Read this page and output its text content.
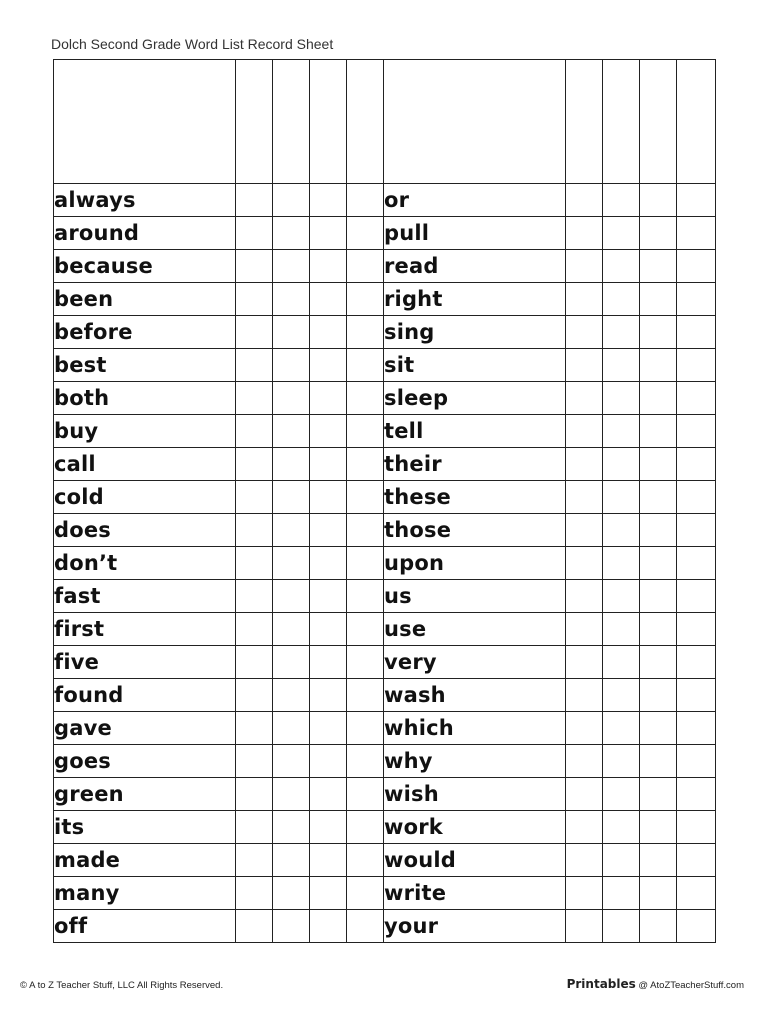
Dolch Second Grade Word List Record Sheet

always					or				
around					pull				
because					read				
been					right				
before					sing				
best					sit				
both					sleep				
buy					tell				
call					their				
cold					these				
does					those				
don’t					upon				
fast					us				
first					use				
five					very				
found					wash				
gave					which				
goes					why				
green					wish				
its					work				
made					would				
many					write				
off					your				
© A to Z Teacher Stuff, LLC All Rights Reserved.	Printables @ AtoZTeacherStuff.com
